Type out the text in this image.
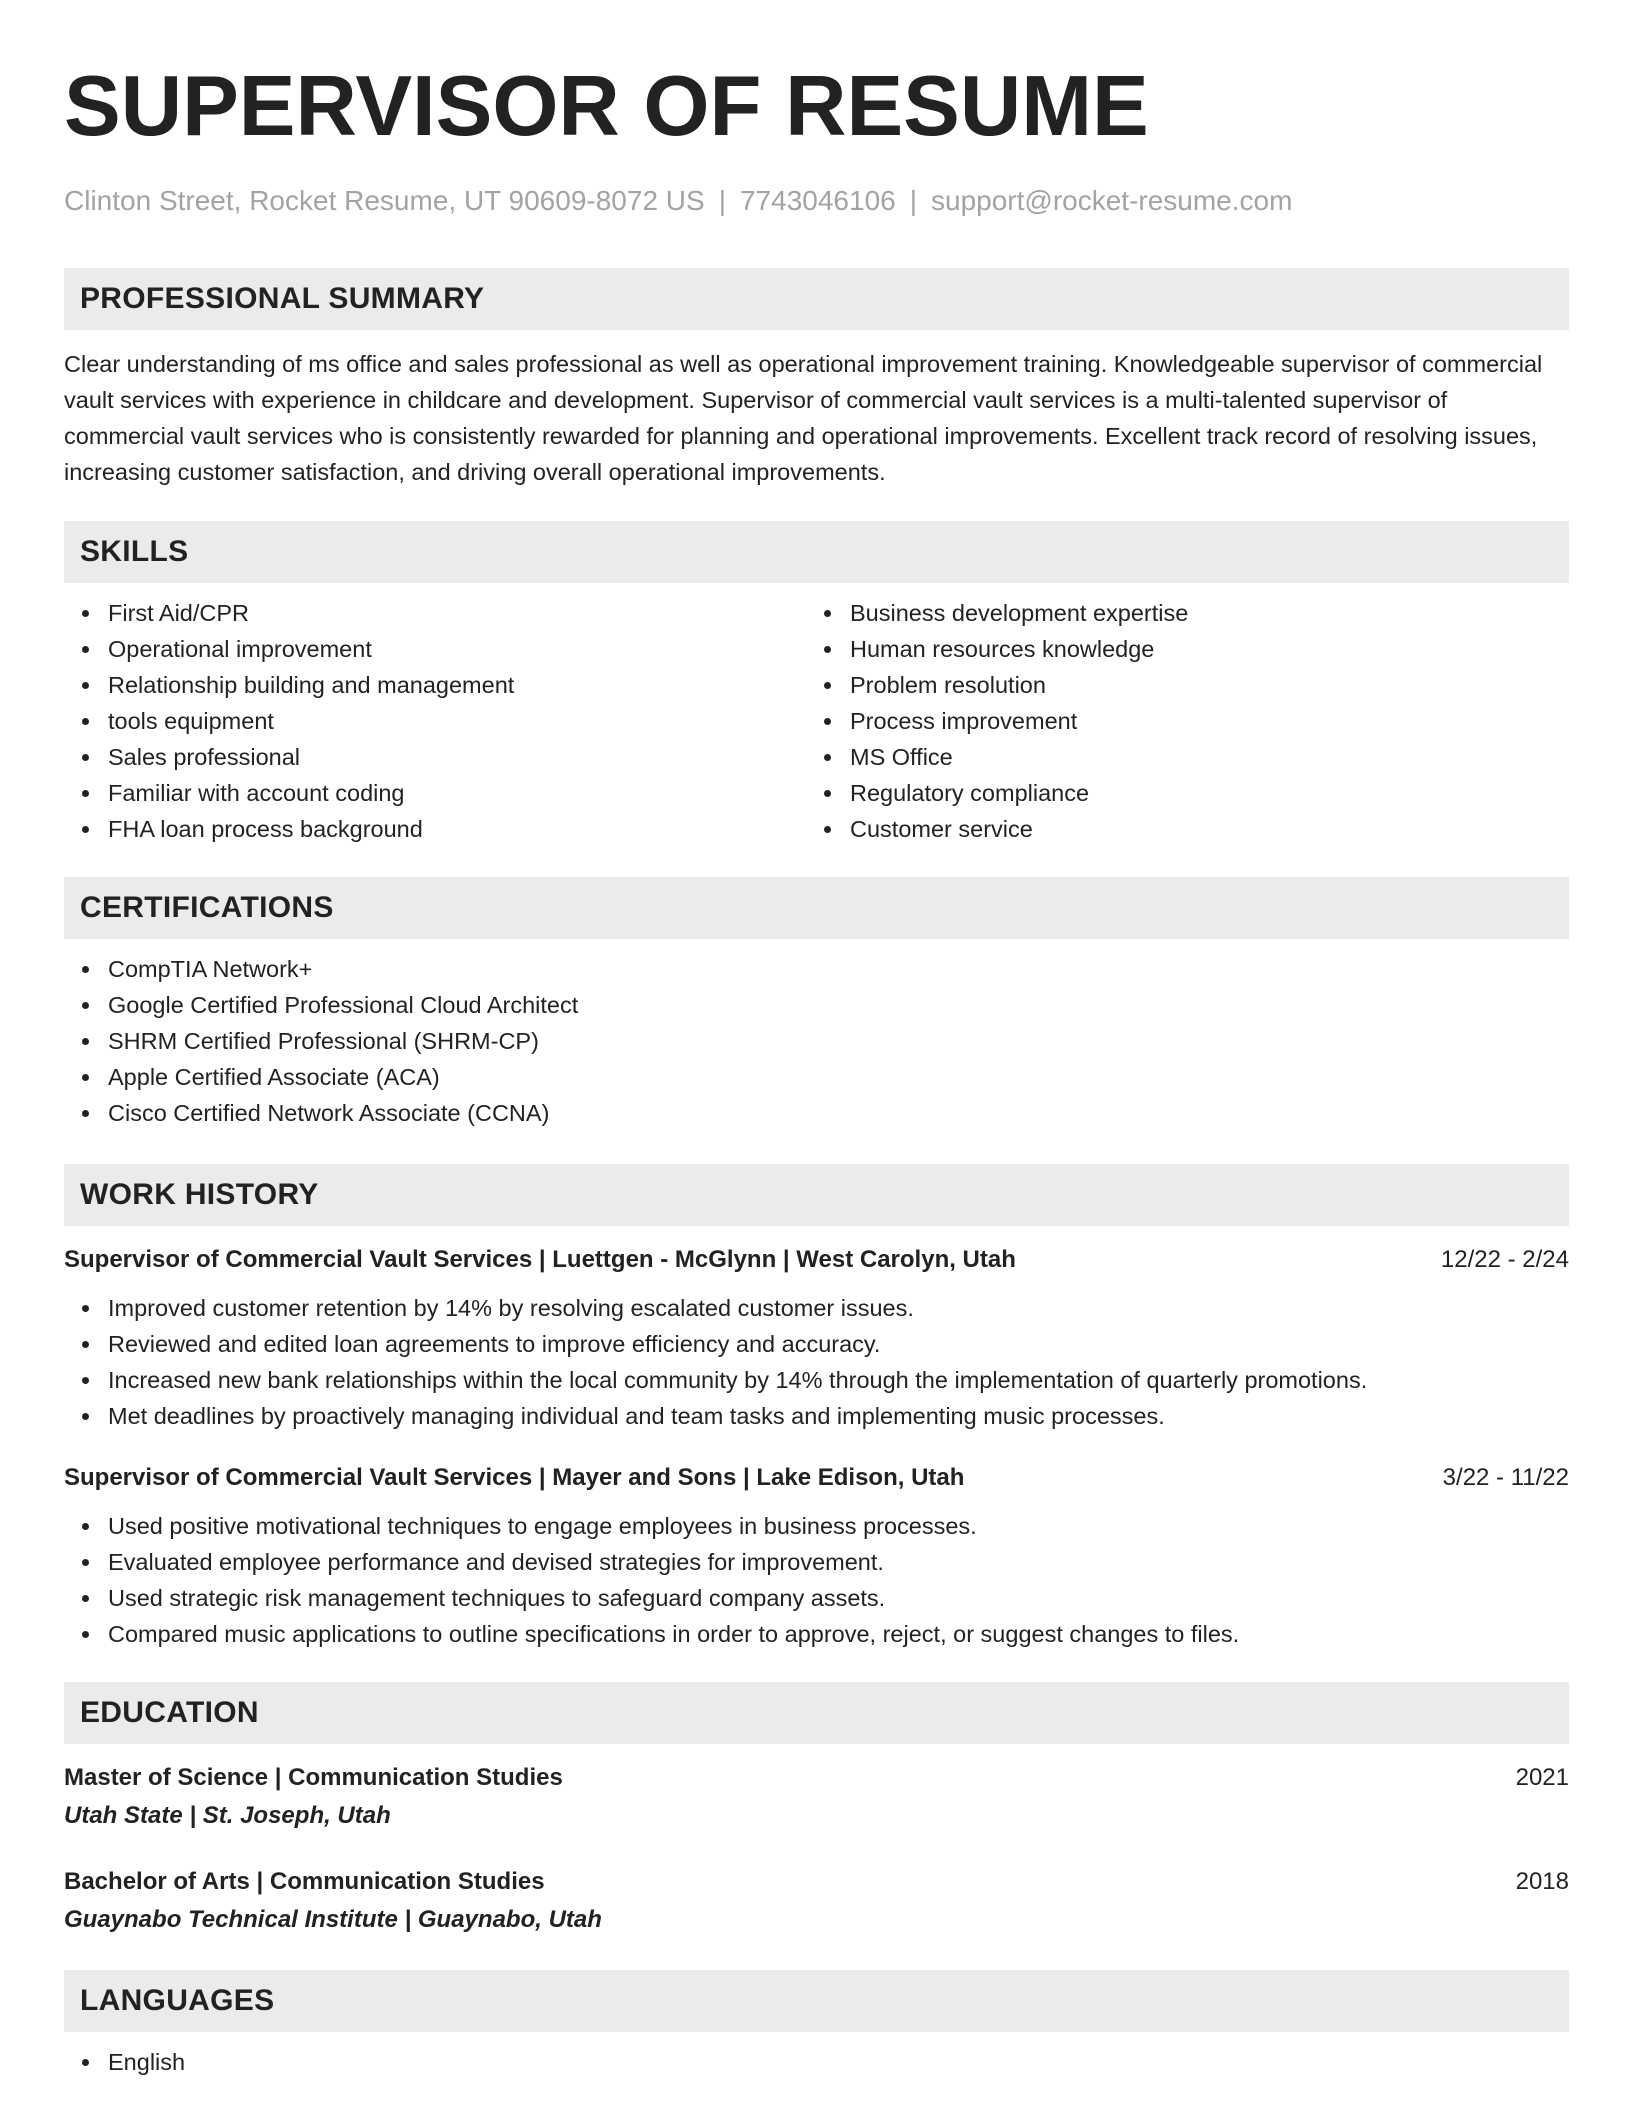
SUPERVISOR OF RESUME
Clinton Street, Rocket Resume, UT 90609-8072 US | 7743046106 | support@rocket-resume.com
PROFESSIONAL SUMMARY

Clear understanding of ms office and sales professional as well as operational improvement training. Knowledgeable supervisor of commercial vault services with experience in childcare and development. Supervisor of commercial vault services is a multi-talented supervisor of commercial vault services who is consistently rewarded for planning and operational improvements. Excellent track record of resolving issues, increasing customer satisfaction, and driving overall operational improvements.

SKILLS
First Aid/CPR
Operational improvement
Relationship building and management
tools equipment
Sales professional
Familiar with account coding
FHA loan process background
Business development expertise
Human resources knowledge
Problem resolution
Process improvement
MS Office
Regulatory compliance
Customer service
CERTIFICATIONS
CompTIA Network+
Google Certified Professional Cloud Architect
SHRM Certified Professional (SHRM-CP)
Apple Certified Associate (ACA)
Cisco Certified Network Associate (CCNA)
WORK HISTORY
Supervisor of Commercial Vault Services | Luettgen - McGlynn | West Carolyn, Utah	12/22 - 2/24
Improved customer retention by 14% by resolving escalated customer issues.
Reviewed and edited loan agreements to improve efficiency and accuracy.
Increased new bank relationships within the local community by 14% through the implementation of quarterly promotions.
Met deadlines by proactively managing individual and team tasks and implementing music processes.
Supervisor of Commercial Vault Services | Mayer and Sons | Lake Edison, Utah	3/22 - 11/22
Used positive motivational techniques to engage employees in business processes.
Evaluated employee performance and devised strategies for improvement.
Used strategic risk management techniques to safeguard company assets.
Compared music applications to outline specifications in order to approve, reject, or suggest changes to files.
EDUCATION
Master of Science | Communication Studies	2021
Utah State | St. Joseph, Utah
Bachelor of Arts | Communication Studies	2018
Guaynabo Technical Institute | Guaynabo, Utah
LANGUAGES
English
